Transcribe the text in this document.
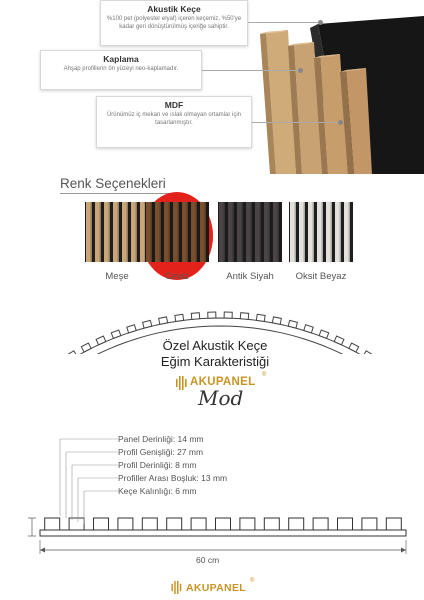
Akustik Keçe
%100 pet (polyester elyaf) içeren keçemiz, %50'ye kadar geri dönüştürülmüş içeriğe sahiptir.
Kaplama
Ahşap profillerin ön yüzeyi neo-kaplamadır.
MDF
Ürünümüz iç mekan ve ıslak olmayan ortamlar için tasarlanmıştır.
Renk Seçenekleri
Meşe	Ceviz	Antik Siyah	Oksit Beyaz
Özel Akustik Keçe
Eğim Karakteristiği
AKUPANEL
®
Mod
Panel Derinliği: 14 mm
Profil Genişliği: 27 mm
Profil Derinliği: 8 mm
Profiller Arası Boşluk: 13 mm
Keçe Kalınlığı: 6 mm
60 cm
AKUPANEL
®
